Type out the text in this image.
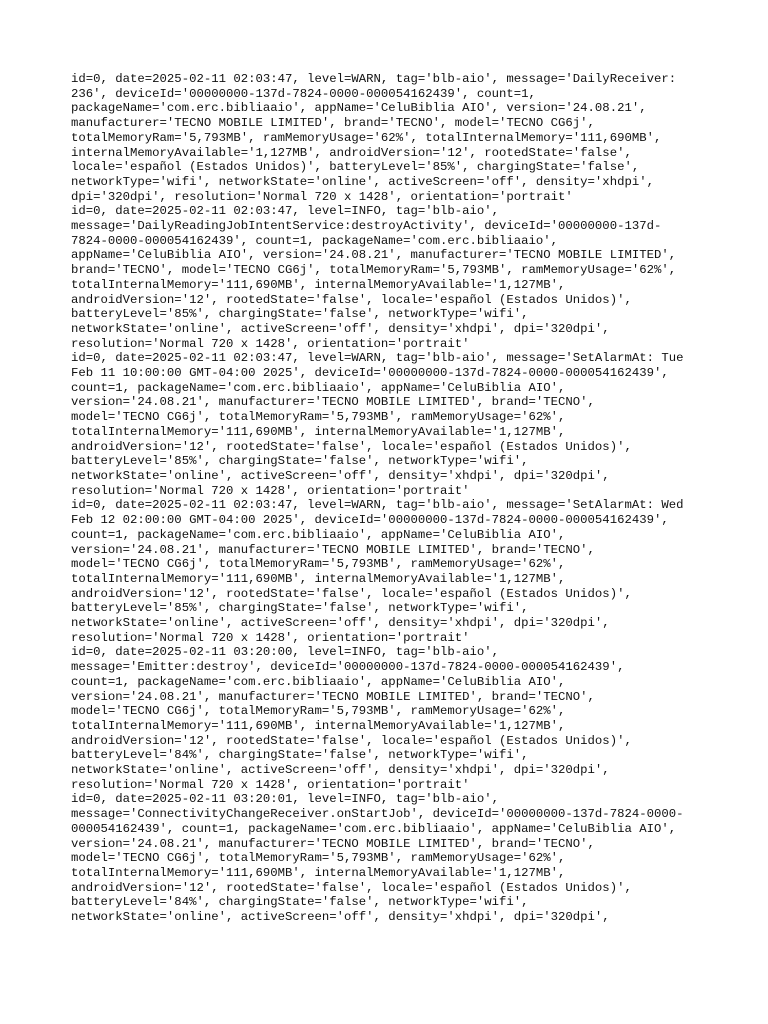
id=0, date=2025-02-11 02:03:47, level=WARN, tag='blb-aio', message='DailyReceiver:
236', deviceId='00000000-137d-7824-0000-000054162439', count=1,
packageName='com.erc.bibliaaio', appName='CeluBiblia AIO', version='24.08.21',
manufacturer='TECNO MOBILE LIMITED', brand='TECNO', model='TECNO CG6j',
totalMemoryRam='5,793MB', ramMemoryUsage='62%', totalInternalMemory='111,690MB',
internalMemoryAvailable='1,127MB', androidVersion='12', rootedState='false',
locale='español (Estados Unidos)', batteryLevel='85%', chargingState='false',
networkType='wifi', networkState='online', activeScreen='off', density='xhdpi',
dpi='320dpi', resolution='Normal 720 x 1428', orientation='portrait'
id=0, date=2025-02-11 02:03:47, level=INFO, tag='blb-aio',
message='DailyReadingJobIntentService:destroyActivity', deviceId='00000000-137d-
7824-0000-000054162439', count=1, packageName='com.erc.bibliaaio',
appName='CeluBiblia AIO', version='24.08.21', manufacturer='TECNO MOBILE LIMITED',
brand='TECNO', model='TECNO CG6j', totalMemoryRam='5,793MB', ramMemoryUsage='62%',
totalInternalMemory='111,690MB', internalMemoryAvailable='1,127MB',
androidVersion='12', rootedState='false', locale='español (Estados Unidos)',
batteryLevel='85%', chargingState='false', networkType='wifi',
networkState='online', activeScreen='off', density='xhdpi', dpi='320dpi',
resolution='Normal 720 x 1428', orientation='portrait'
id=0, date=2025-02-11 02:03:47, level=WARN, tag='blb-aio', message='SetAlarmAt: Tue
Feb 11 10:00:00 GMT-04:00 2025', deviceId='00000000-137d-7824-0000-000054162439',
count=1, packageName='com.erc.bibliaaio', appName='CeluBiblia AIO',
version='24.08.21', manufacturer='TECNO MOBILE LIMITED', brand='TECNO',
model='TECNO CG6j', totalMemoryRam='5,793MB', ramMemoryUsage='62%',
totalInternalMemory='111,690MB', internalMemoryAvailable='1,127MB',
androidVersion='12', rootedState='false', locale='español (Estados Unidos)',
batteryLevel='85%', chargingState='false', networkType='wifi',
networkState='online', activeScreen='off', density='xhdpi', dpi='320dpi',
resolution='Normal 720 x 1428', orientation='portrait'
id=0, date=2025-02-11 02:03:47, level=WARN, tag='blb-aio', message='SetAlarmAt: Wed
Feb 12 02:00:00 GMT-04:00 2025', deviceId='00000000-137d-7824-0000-000054162439',
count=1, packageName='com.erc.bibliaaio', appName='CeluBiblia AIO',
version='24.08.21', manufacturer='TECNO MOBILE LIMITED', brand='TECNO',
model='TECNO CG6j', totalMemoryRam='5,793MB', ramMemoryUsage='62%',
totalInternalMemory='111,690MB', internalMemoryAvailable='1,127MB',
androidVersion='12', rootedState='false', locale='español (Estados Unidos)',
batteryLevel='85%', chargingState='false', networkType='wifi',
networkState='online', activeScreen='off', density='xhdpi', dpi='320dpi',
resolution='Normal 720 x 1428', orientation='portrait'
id=0, date=2025-02-11 03:20:00, level=INFO, tag='blb-aio',
message='Emitter:destroy', deviceId='00000000-137d-7824-0000-000054162439',
count=1, packageName='com.erc.bibliaaio', appName='CeluBiblia AIO',
version='24.08.21', manufacturer='TECNO MOBILE LIMITED', brand='TECNO',
model='TECNO CG6j', totalMemoryRam='5,793MB', ramMemoryUsage='62%',
totalInternalMemory='111,690MB', internalMemoryAvailable='1,127MB',
androidVersion='12', rootedState='false', locale='español (Estados Unidos)',
batteryLevel='84%', chargingState='false', networkType='wifi',
networkState='online', activeScreen='off', density='xhdpi', dpi='320dpi',
resolution='Normal 720 x 1428', orientation='portrait'
id=0, date=2025-02-11 03:20:01, level=INFO, tag='blb-aio',
message='ConnectivityChangeReceiver.onStartJob', deviceId='00000000-137d-7824-0000-
000054162439', count=1, packageName='com.erc.bibliaaio', appName='CeluBiblia AIO',
version='24.08.21', manufacturer='TECNO MOBILE LIMITED', brand='TECNO',
model='TECNO CG6j', totalMemoryRam='5,793MB', ramMemoryUsage='62%',
totalInternalMemory='111,690MB', internalMemoryAvailable='1,127MB',
androidVersion='12', rootedState='false', locale='español (Estados Unidos)',
batteryLevel='84%', chargingState='false', networkType='wifi',
networkState='online', activeScreen='off', density='xhdpi', dpi='320dpi',
